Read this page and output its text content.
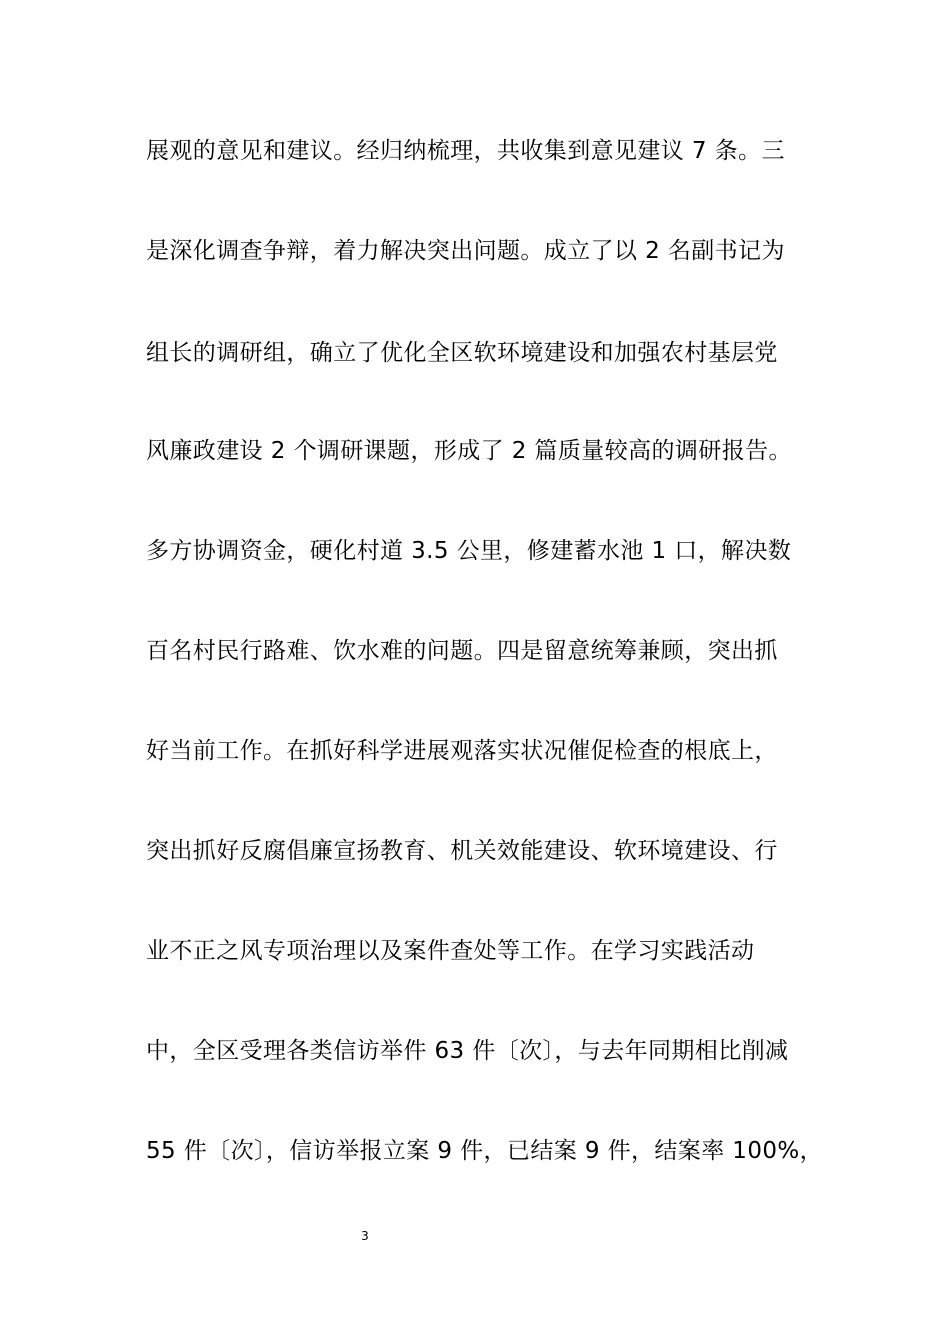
展观的意见和建议。经归纳梳理，共收集到意见建议 7 条。三
是深化调查争辩，着力解决突出问题。成立了以 2 名副书记为
组长的调研组，确立了优化全区软环境建设和加强农村基层党
风廉政建设 2 个调研课题，形成了 2 篇质量较高的调研报告。
多方协调资金，硬化村道 3.5 公里，修建蓄水池 1 口，解决数
百名村民行路难、饮水难的问题。四是留意统筹兼顾，突出抓
好当前工作。在抓好科学进展观落实状况催促检查的根底上，
突出抓好反腐倡廉宣扬教育、机关效能建设、软环境建设、行
业不正之风专项治理以及案件查处等工作。在学习实践活动
中，全区受理各类信访举件 63 件〔次〕，与去年同期相比削减
55 件〔次〕，信访举报立案 9 件，已结案 9 件，结案率 100%，
3
